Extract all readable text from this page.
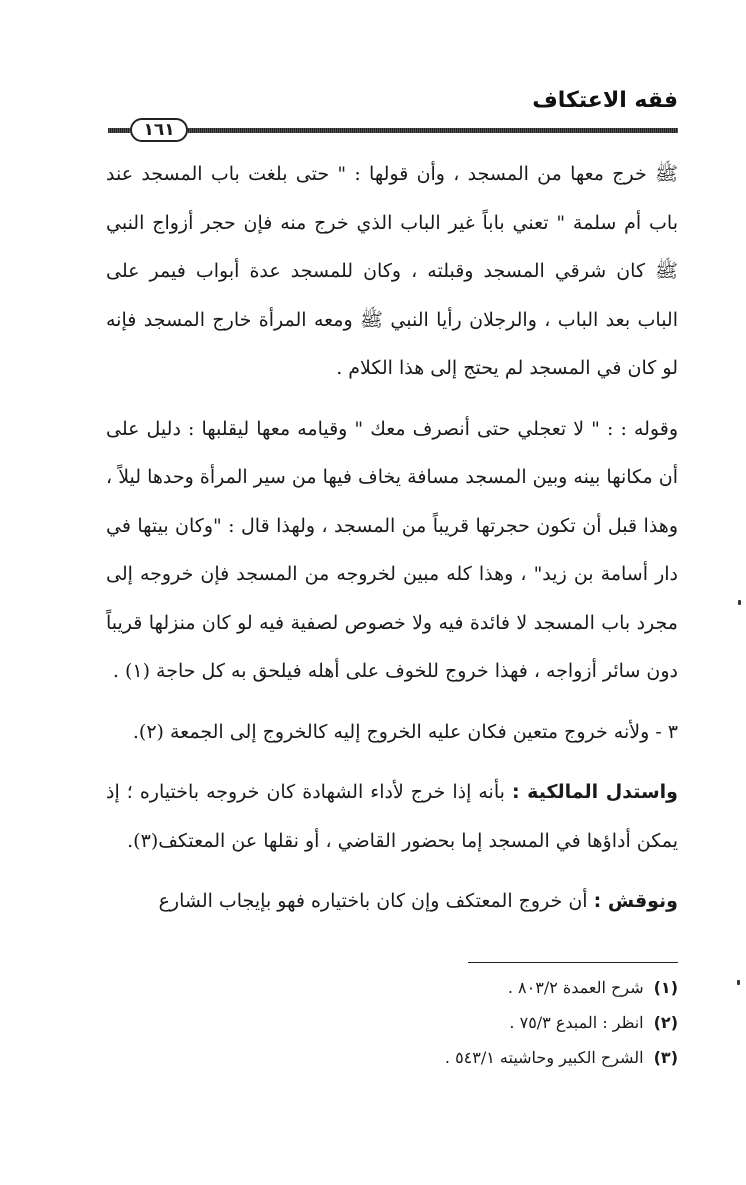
فقه الاعتكاف
١٦١

ﷺ خرج معها من المسجد ، وأن قولها : " حتى بلغت باب المسجد عند باب أم سلمة " تعني باباً غير الباب الذي خرج منه فإن حجر أزواج النبي ﷺ كان شرقي المسجد وقبلته ، وكان للمسجد عدة أبواب فيمر على الباب بعد الباب ، والرجلان رأيا النبي ﷺ ومعه المرأة خارج المسجد فإنه لو كان في المسجد لم يحتج إلى هذا الكلام .

وقوله : : " لا تعجلي حتى أنصرف معك " وقيامه معها ليقلبها : دليل على أن مكانها بينه وبين المسجد مسافة يخاف فيها من سير المرأة وحدها ليلاً ، وهذا قبل أن تكون حجرتها قريباً من المسجد ، ولهذا قال : "وكان بيتها في دار أسامة بن زيد" ، وهذا كله مبين لخروجه من المسجد فإن خروجه إلى مجرد باب المسجد لا فائدة فيه ولا خصوص لصفية فيه لو كان منزلها قريباً دون سائر أزواجه ، فهذا خروج للخوف على أهله فيلحق به كل حاجة (١) .

٣ - ولأنه خروج متعين فكان عليه الخروج إليه كالخروج إلى الجمعة (٢).

واستدل المالكية : بأنه إذا خرج لأداء الشهادة كان خروجه باختياره ؛ إذ يمكن أداؤها في المسجد إما بحضور القاضي ، أو نقلها عن المعتكف(٣).

ونوقش : أن خروج المعتكف وإن كان باختياره فهو بإيجاب الشارع

(١)شرح العمدة ٨٠٣/٢ .
(٢)انظر : المبدع ٧٥/٣ .
(٣)الشرح الكبير وحاشيته ٥٤٣/١ .
